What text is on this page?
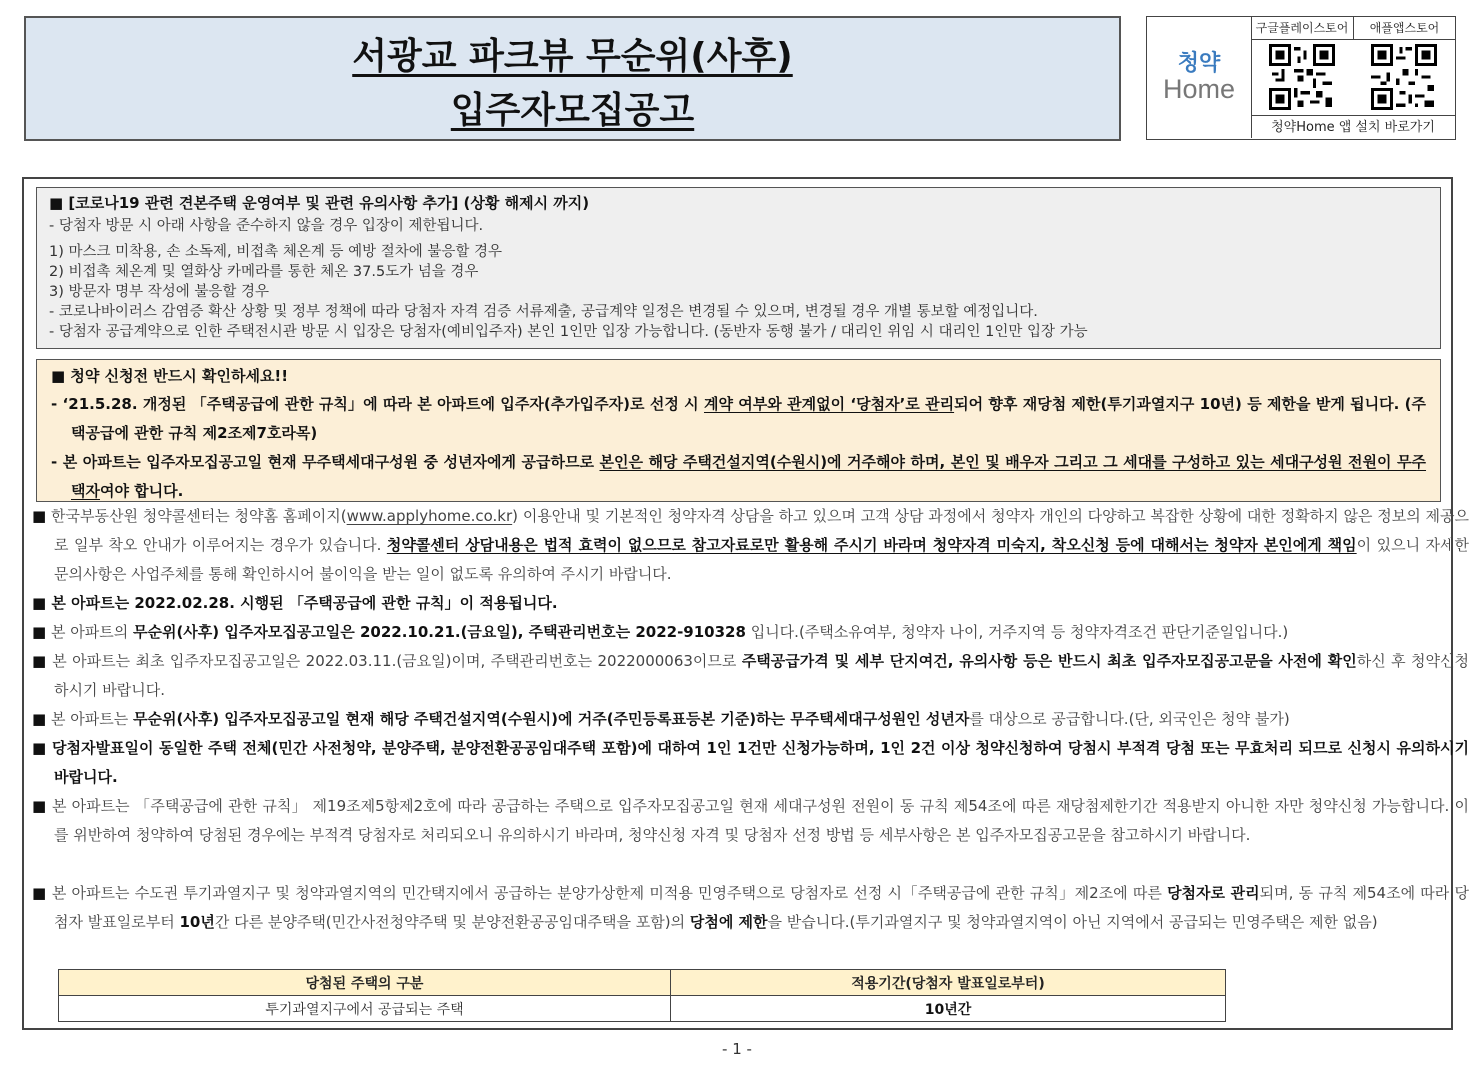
서광교 파크뷰 무순위(사후)
입주자모집공고
청약
Home
구글플레이스토어	애플앱스토어
청약Home 앱 설치 바로가기
■ [코로나19 관련 견본주택 운영여부 및 관련 유의사항 추가] (상황 해제시 까지)
- 당첨자 방문 시 아래 사항을 준수하지 않을 경우 입장이 제한됩니다.
1) 마스크 미착용, 손 소독제, 비접촉 체온계 등 예방 절차에 불응할 경우
2) 비접촉 체온계 및 열화상 카메라를 통한 체온 37.5도가 넘을 경우
3) 방문자 명부 작성에 불응할 경우
- 코로나바이러스 감염증 확산 상황 및 정부 정책에 따라 당첨자 자격 검증 서류제출, 공급계약 일정은 변경될 수 있으며, 변경될 경우 개별 통보할 예정입니다.
- 당첨자 공급계약으로 인한 주택전시관 방문 시 입장은 당첨자(예비입주자) 본인 1인만 입장 가능합니다. (동반자 동행 불가 / 대리인 위임 시 대리인 1인만 입장 가능
■ 청약 신청전 반드시 확인하세요!!
- ‘21.5.28. 개정된 「주택공급에 관한 규칙」에 따라 본 아파트에 입주자(추가입주자)로 선정 시 계약 여부와 관계없이 ‘당첨자’로 관리되어 향후 재당첨 제한(투기과열지구 10년) 등 제한을 받게 됩니다. (주택공급에 관한 규칙 제2조제7호라목)
- 본 아파트는 입주자모집공고일 현재 무주택세대구성원 중 성년자에게 공급하므로 본인은 해당 주택건설지역(수원시)에 거주해야 하며, 본인 및 배우자 그리고 그 세대를 구성하고 있는 세대구성원 전원이 무주택자여야 합니다.
■ 한국부동산원 청약콜센터는 청약홈 홈페이지(www.applyhome.co.kr) 이용안내 및 기본적인 청약자격 상담을 하고 있으며 고객 상담 과정에서 청약자 개인의 다양하고 복잡한 상황에 대한 정확하지 않은 정보의 제공으로 일부 착오 안내가 이루어지는 경우가 있습니다. 청약콜센터 상담내용은 법적 효력이 없으므로 참고자료로만 활용해 주시기 바라며 청약자격 미숙지, 착오신청 등에 대해서는 청약자 본인에게 책임이 있으니 자세한 문의사항은 사업주체를 통해 확인하시어 불이익을 받는 일이 없도록 유의하여 주시기 바랍니다.
■ 본 아파트는 2022.02.28. 시행된 「주택공급에 관한 규칙」이 적용됩니다.
■ 본 아파트의 무순위(사후) 입주자모집공고일은 2022.10.21.(금요일), 주택관리번호는 2022-910328 입니다.(주택소유여부, 청약자 나이, 거주지역 등 청약자격조건 판단기준일입니다.)
■ 본 아파트는 최초 입주자모집공고일은 2022.03.11.(금요일)이며, 주택관리번호는 2022000063이므로 주택공급가격 및 세부 단지여건, 유의사항 등은 반드시 최초 입주자모집공고문을 사전에 확인하신 후 청약신청하시기 바랍니다.
■ 본 아파트는 무순위(사후) 입주자모집공고일 현재 해당 주택건설지역(수원시)에 거주(주민등록표등본 기준)하는 무주택세대구성원인 성년자를 대상으로 공급합니다.(단, 외국인은 청약 불가)
■ 당첨자발표일이 동일한 주택 전체(민간 사전청약, 분양주택, 분양전환공공임대주택 포함)에 대하여 1인 1건만 신청가능하며, 1인 2건 이상 청약신청하여 당첨시 부적격 당첨 또는 무효처리 되므로 신청시 유의하시기 바랍니다.
■ 본 아파트는 「주택공급에 관한 규칙」 제19조제5항제2호에 따라 공급하는 주택으로 입주자모집공고일 현재 세대구성원 전원이 동 규칙 제54조에 따른 재당첨제한기간 적용받지 아니한 자만 청약신청 가능합니다. 이를 위반하여 청약하여 당첨된 경우에는 부적격 당첨자로 처리되오니 유의하시기 바라며, 청약신청 자격 및 당첨자 선정 방법 등 세부사항은 본 입주자모집공고문을 참고하시기 바랍니다.
■ 본 아파트는 수도권 투기과열지구 및 청약과열지역의 민간택지에서 공급하는 분양가상한제 미적용 민영주택으로 당첨자로 선정 시「주택공급에 관한 규칙」제2조에 따른 당첨자로 관리되며, 동 규칙 제54조에 따라 당첨자 발표일로부터 10년간 다른 분양주택(민간사전청약주택 및 분양전환공공임대주택을 포함)의 당첨에 제한을 받습니다.(투기과열지구 및 청약과열지역이 아닌 지역에서 공급되는 민영주택은 제한 없음)
당첨된 주택의 구분	적용기간(당첨자 발표일로부터)
투기과열지구에서 공급되는 주택	10년간
- 1 -
